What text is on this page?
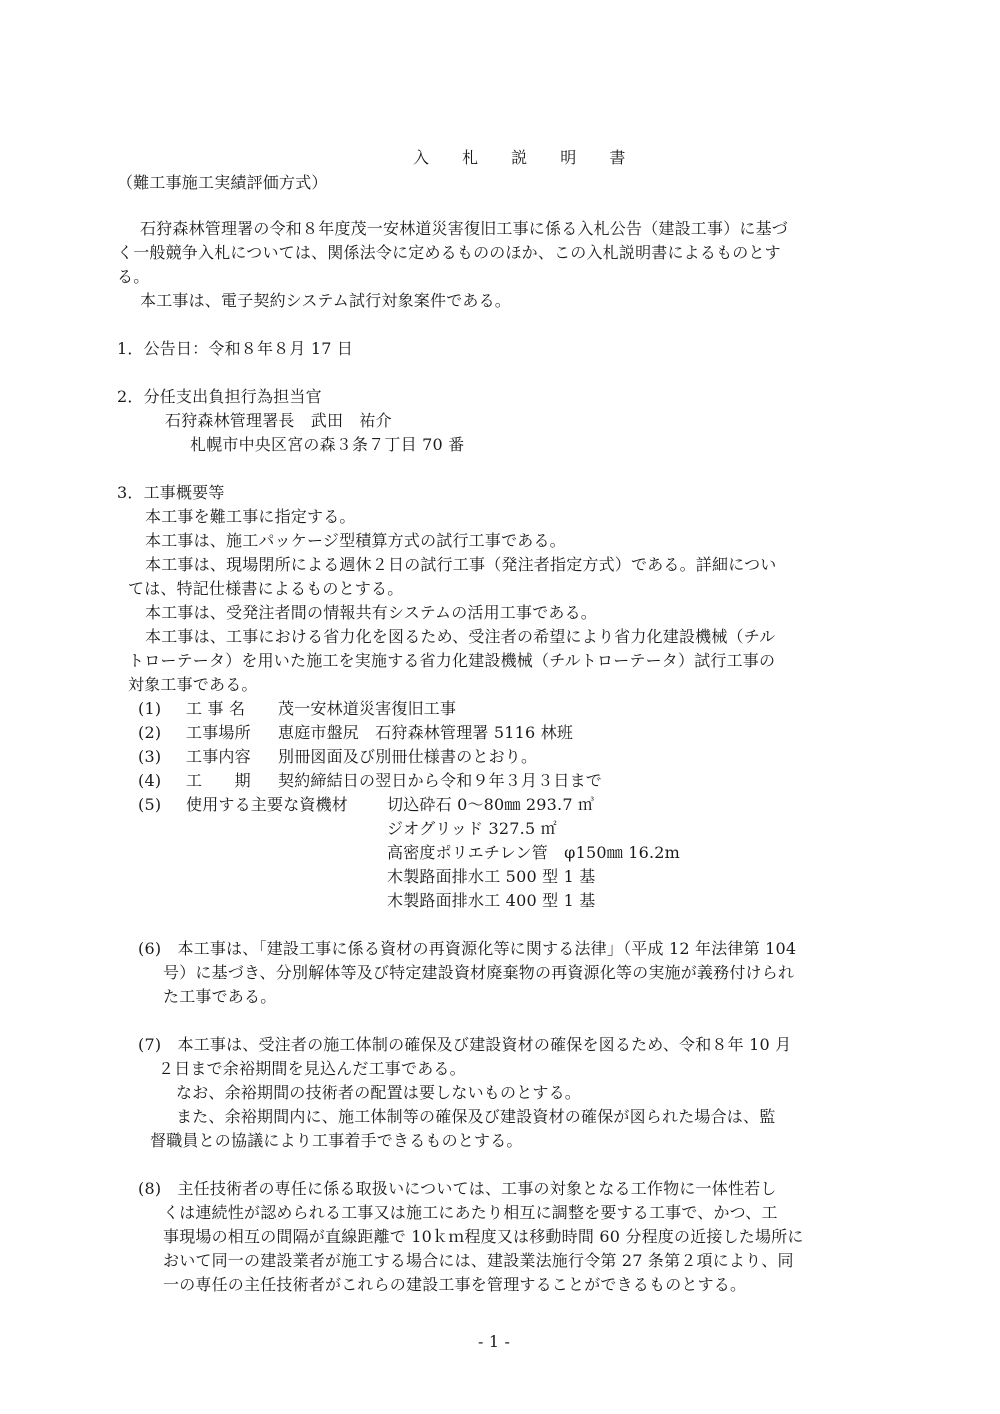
入 札 説 明 書
（難工事施工実績評価方式）
石狩森林管理署の令和８年度茂一安林道災害復旧工事に係る入札公告（建設工事）に基づ
く一般競争入札については、関係法令に定めるもののほか、この入札説明書によるものとす
る。
本工事は、電子契約システム試行対象案件である。
1．公告日：令和８年８月 17 日
2．分任支出負担行為担当官
石狩森林管理署長　武田　祐介
札幌市中央区宮の森３条７丁目 70 番
3．工事概要等
本工事を難工事に指定する。
本工事は、施工パッケージ型積算方式の試行工事である。
本工事は、現場閉所による週休２日の試行工事（発注者指定方式）である。詳細につい
ては、特記仕様書によるものとする。
本工事は、受発注者間の情報共有システムの活用工事である。
本工事は、工事における省力化を図るため、受注者の希望により省力化建設機械（チル
トローテータ）を用いた施工を実施する省力化建設機械（チルトローテータ）試行工事の
対象工事である。
(1) 工 事 名 茂一安林道災害復旧工事
(2) 工事場所 恵庭市盤尻　石狩森林管理署 5116 林班
(3) 工事内容 別冊図面及び別冊仕様書のとおり。
(4) 工　　期 契約締結日の翌日から令和９年３月３日まで
(5) 使用する主要な資機材 切込砕石 0～80㎜ 293.7 ㎥
ジオグリッド 327.5 ㎡
高密度ポリエチレン管　φ150㎜ 16.2m
木製路面排水工 500 型 1 基
木製路面排水工 400 型 1 基
(6)　本工事は、「建設工事に係る資材の再資源化等に関する法律」（平成 12 年法律第 104
号）に基づき、分別解体等及び特定建設資材廃棄物の再資源化等の実施が義務付けられ
た工事である。
(7)　本工事は、受注者の施工体制の確保及び建設資材の確保を図るため、令和８年 10 月
２日まで余裕期間を見込んだ工事である。
なお、余裕期間の技術者の配置は要しないものとする。
また、余裕期間内に、施工体制等の確保及び建設資材の確保が図られた場合は、監
督職員との協議により工事着手できるものとする。
(8)　主任技術者の専任に係る取扱いについては、工事の対象となる工作物に一体性若し
くは連続性が認められる工事又は施工にあたり相互に調整を要する工事で、かつ、工
事現場の相互の間隔が直線距離で 10ｋｍ程度又は移動時間 60 分程度の近接した場所に
おいて同一の建設業者が施工する場合には、建設業法施行令第 27 条第２項により、同
一の専任の主任技術者がこれらの建設工事を管理することができるものとする。
- 1 -
